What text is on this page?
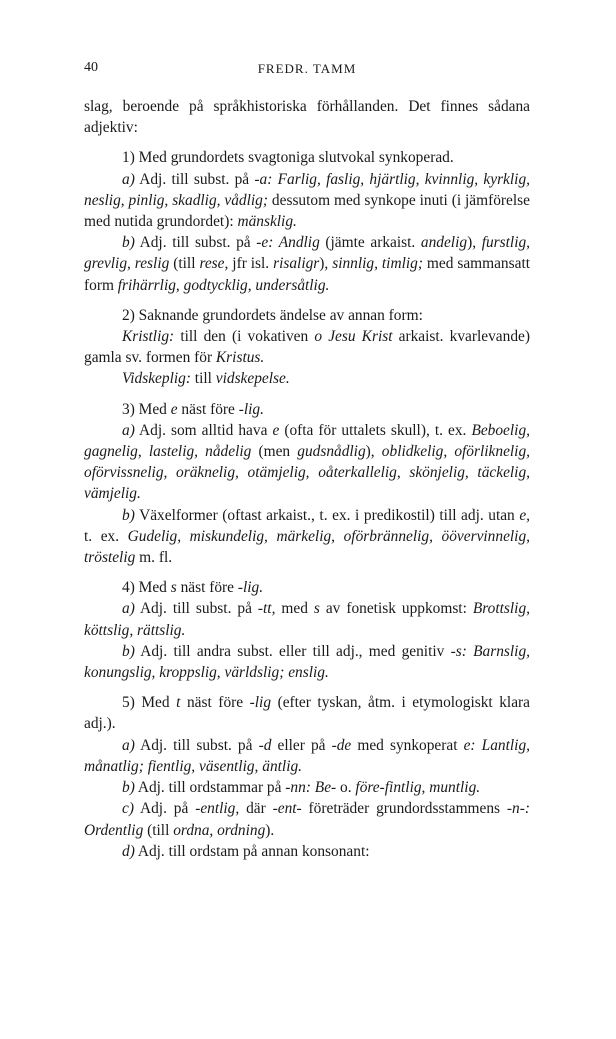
40	FREDR. TAMM

slag, beroende på språkhistoriska förhållanden. Det finnes sådana adjektiv:

1) Med grundordets svagtoniga slutvokal synkoperad.

a) Adj. till subst. på -a: Farlig, faslig, hjärtlig, kvinnlig, kyrklig, neslig, pinlig, skadlig, vådlig; dessutom med synkope inuti (i jämförelse med nutida grundordet): mänsklig.

b) Adj. till subst. på -e: Andlig (jämte arkaist. andelig), furstlig, grevlig, reslig (till rese, jfr isl. risaligr), sinnlig, timlig; med sammansatt form frihärrlig, godtycklig, undersåtlig.

2) Saknande grundordets ändelse av annan form:

Kristlig: till den (i vokativen o Jesu Krist arkaist. kvarlevande) gamla sv. formen för Kristus.

Vidskeplig: till vidskepelse.

3) Med e näst före -lig.

a) Adj. som alltid hava e (ofta för uttalets skull), t. ex. Beboelig, gagnelig, lastelig, nådelig (men gudsnådlig), oblidkelig, oförliknelig, oförvissnelig, oräknelig, otämjelig, oåterkallelig, skönjelig, täckelig, vämjelig.

b) Växelformer (oftast arkaist., t. ex. i predikostil) till adj. utan e, t. ex. Gudelig, miskundelig, märkelig, oförbrännelig, öövervinnelig, tröstelig m. fl.

4) Med s näst före -lig.

a) Adj. till subst. på -tt, med s av fonetisk uppkomst: Brottslig, köttslig, rättslig.

b) Adj. till andra subst. eller till adj., med genitiv -s: Barnslig, konungslig, kroppslig, världslig; enslig.

5) Med t näst före -lig (efter tyskan, åtm. i etymologiskt klara adj.).

a) Adj. till subst. på -d eller på -de med synkoperat e: Lantlig, månatlig; fientlig, väsentlig, äntlig.

b) Adj. till ordstammar på -nn: Be- o. före-fintlig, muntlig.

c) Adj. på -entlig, där -ent- företräder grundordsstammens -n-: Ordentlig (till ordna, ordning).

d) Adj. till ordstam på annan konsonant:
